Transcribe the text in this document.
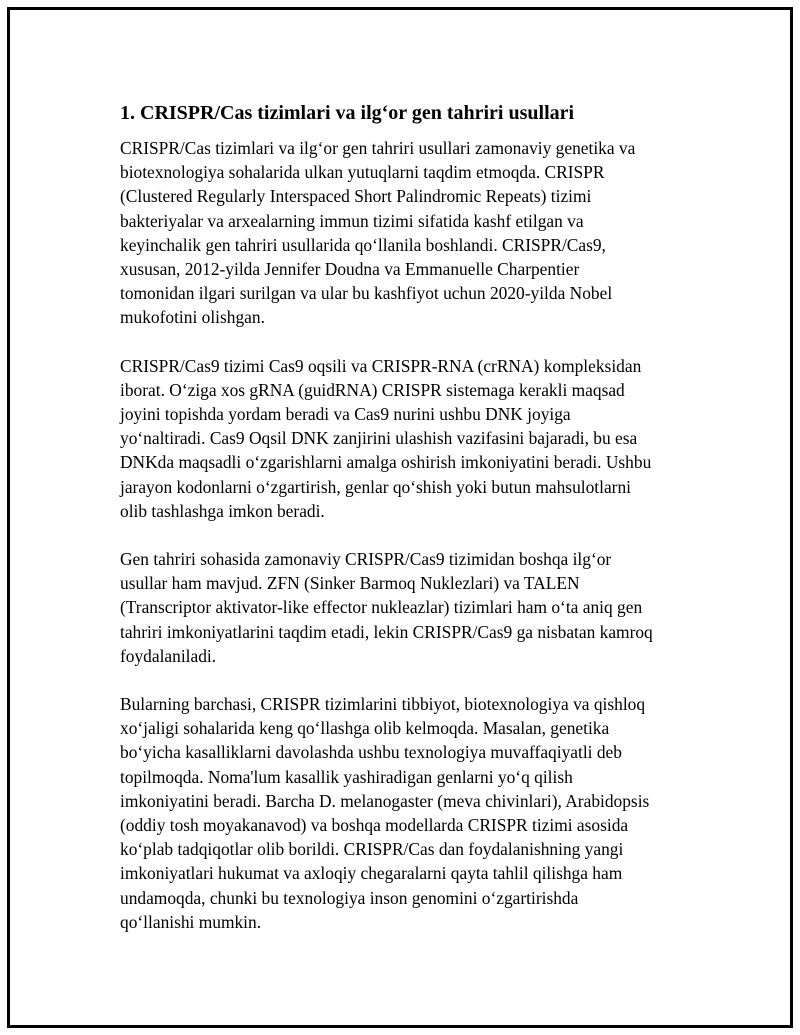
1. CRISPR/Cas tizimlari va ilg‘or gen tahriri usullari

CRISPR/Cas tizimlari va ilg‘or gen tahriri usullari zamonaviy genetika va
biotexnologiya sohalarida ulkan yutuqlarni taqdim etmoqda. CRISPR
(Clustered Regularly Interspaced Short Palindromic Repeats) tizimi
bakteriyalar va arxealarning immun tizimi sifatida kashf etilgan va
keyinchalik gen tahriri usullarida qo‘llanila boshlandi. CRISPR/Cas9,
xususan, 2012-yilda Jennifer Doudna va Emmanuelle Charpentier
tomonidan ilgari surilgan va ular bu kashfiyot uchun 2020-yilda Nobel
mukofotini olishgan.

CRISPR/Cas9 tizimi Cas9 oqsili va CRISPR-RNA (crRNA) kompleksidan
iborat. O‘ziga xos gRNA (guidRNA) CRISPR sistemaga kerakli maqsad
joyini topishda yordam beradi va Cas9 nurini ushbu DNK joyiga
yo‘naltiradi. Cas9 Oqsil DNK zanjirini ulashish vazifasini bajaradi, bu esa
DNKda maqsadli o‘zgarishlarni amalga oshirish imkoniyatini beradi. Ushbu
jarayon kodonlarni o‘zgartirish, genlar qo‘shish yoki butun mahsulotlarni
olib tashlashga imkon beradi.

Gen tahriri sohasida zamonaviy CRISPR/Cas9 tizimidan boshqa ilg‘or
usullar ham mavjud. ZFN (Sinker Barmoq Nuklezlari) va TALEN
(Transcriptor aktivator-like effector nukleazlar) tizimlari ham o‘ta aniq gen
tahriri imkoniyatlarini taqdim etadi, lekin CRISPR/Cas9 ga nisbatan kamroq
foydalaniladi.

Bularning barchasi, CRISPR tizimlarini tibbiyot, biotexnologiya va qishloq
xo‘jaligi sohalarida keng qo‘llashga olib kelmoqda. Masalan, genetika
bo‘yicha kasalliklarni davolashda ushbu texnologiya muvaffaqiyatli deb
topilmoqda. Noma'lum kasallik yashiradigan genlarni yo‘q qilish
imkoniyatini beradi. Barcha D. melanogaster (meva chivinlari), Arabidopsis
(oddiy tosh moyakanavod) va boshqa modellarda CRISPR tizimi asosida
ko‘plab tadqiqotlar olib borildi. CRISPR/Cas dan foydalanishning yangi
imkoniyatlari hukumat va axloqiy chegaralarni qayta tahlil qilishga ham
undamoqda, chunki bu texnologiya inson genomini o‘zgartirishda
qo‘llanishi mumkin.
